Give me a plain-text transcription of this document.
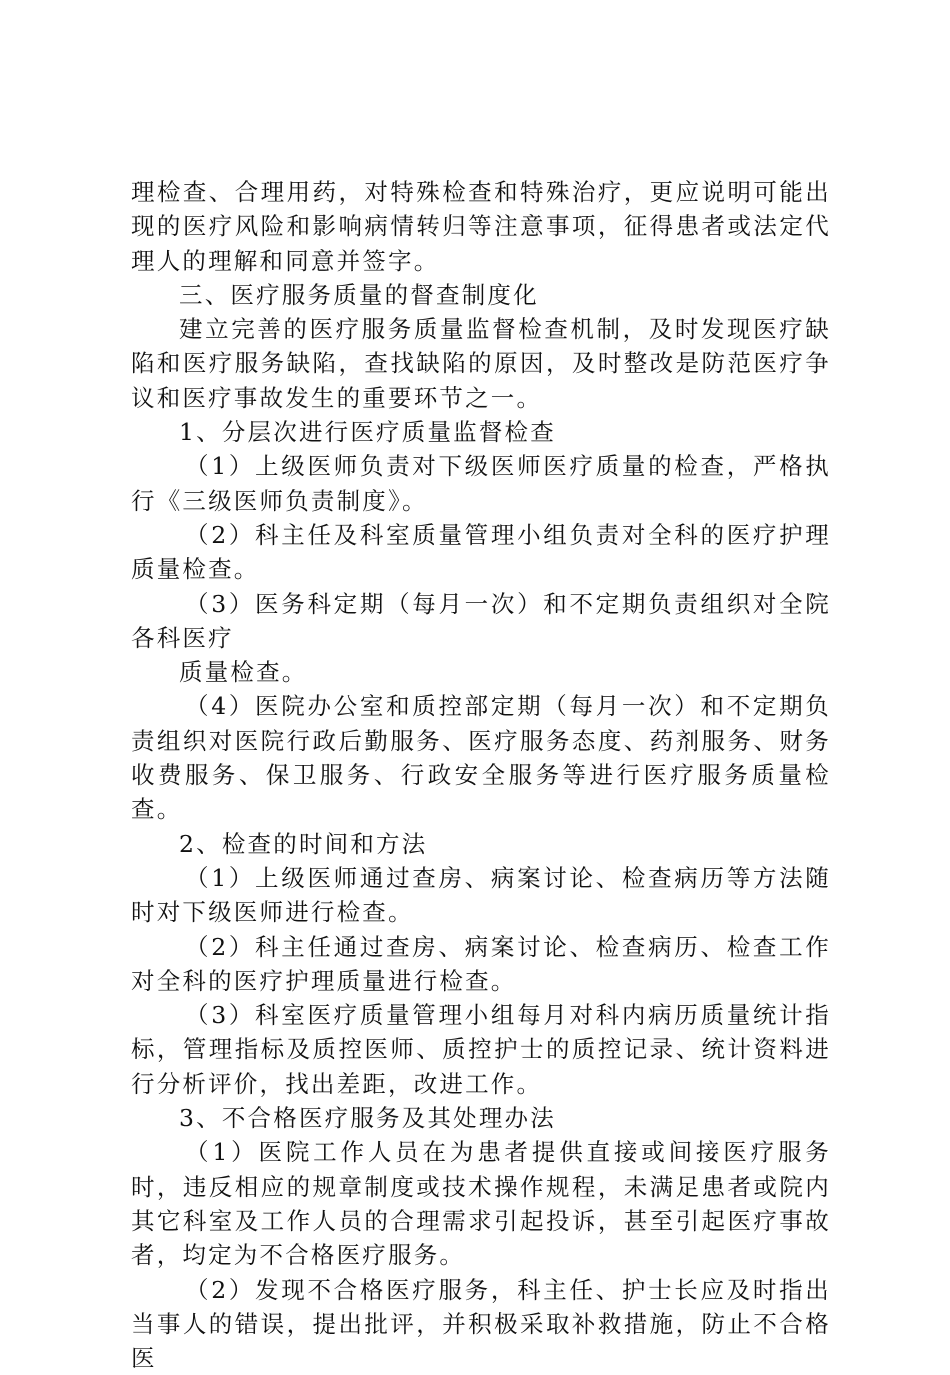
理检查、合理用药，对特殊检查和特殊治疗，更应说明可能出现的医疗风险和影响病情转归等注意事项，征得患者或法定代理人的理解和同意并签字。

三、医疗服务质量的督查制度化

建立完善的医疗服务质量监督检查机制，及时发现医疗缺陷和医疗服务缺陷，查找缺陷的原因，及时整改是防范医疗争议和医疗事故发生的重要环节之一。

1、分层次进行医疗质量监督检查

（1）上级医师负责对下级医师医疗质量的检查，严格执行《三级医师负责制度》。

（2）科主任及科室质量管理小组负责对全科的医疗护理质量检查。

（3）医务科定期（每月一次）和不定期负责组织对全院各科医疗

质量检查。

（4）医院办公室和质控部定期（每月一次）和不定期负责组织对医院行政后勤服务、医疗服务态度、药剂服务、财务收费服务、保卫服务、行政安全服务等进行医疗服务质量检查。

2、检查的时间和方法

（1）上级医师通过查房、病案讨论、检查病历等方法随时对下级医师进行检查。

（2）科主任通过查房、病案讨论、检查病历、检查工作对全科的医疗护理质量进行检查。

（3）科室医疗质量管理小组每月对科内病历质量统计指标，管理指标及质控医师、质控护士的质控记录、统计资料进行分析评价，找出差距，改进工作。

3、不合格医疗服务及其处理办法

（1）医院工作人员在为患者提供直接或间接医疗服务时，违反相应的规章制度或技术操作规程，未满足患者或院内其它科室及工作人员的合理需求引起投诉，甚至引起医疗事故者，均定为不合格医疗服务。

（2）发现不合格医疗服务，科主任、护士长应及时指出当事人的错误，提出批评，并积极采取补救措施，防止不合格医
